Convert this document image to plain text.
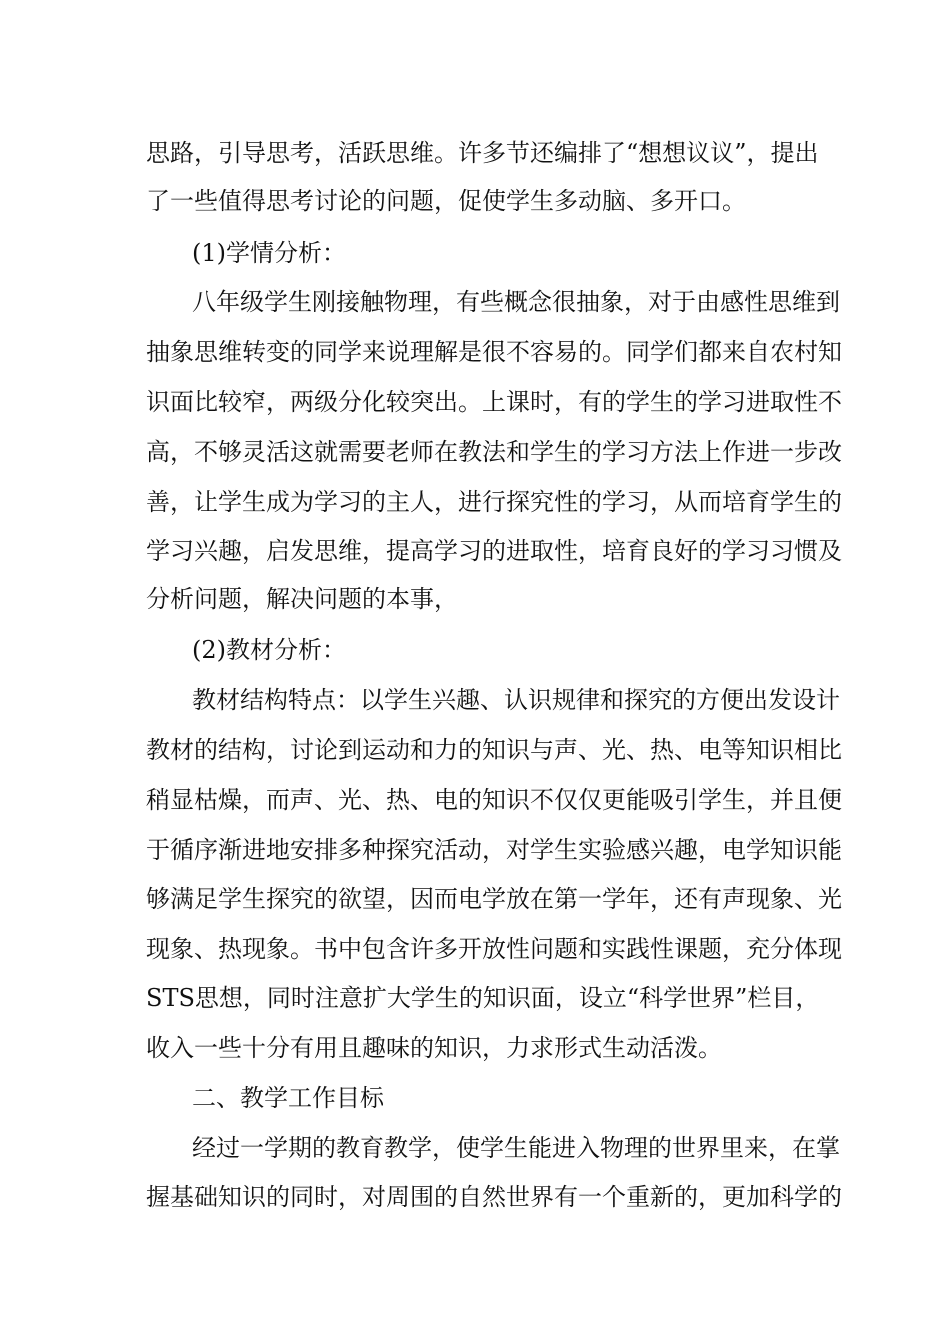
思路，引导思考，活跃思维。许多节还编排了“想想议议”，提出
了一些值得思考讨论的问题，促使学生多动脑、多开口。
(1)学情分析：
八年级学生刚接触物理，有些概念很抽象，对于由感性思维到
抽象思维转变的同学来说理解是很不容易的。同学们都来自农村知
识面比较窄，两级分化较突出。上课时，有的学生的学习进取性不
高，不够灵活这就需要老师在教法和学生的学习方法上作进一步改
善，让学生成为学习的主人，进行探究性的学习，从而培育学生的
学习兴趣，启发思维，提高学习的进取性，培育良好的学习习惯及
分析问题，解决问题的本事，
(2)教材分析：
教材结构特点：以学生兴趣、认识规律和探究的方便出发设计
教材的结构，讨论到运动和力的知识与声、光、热、电等知识相比
稍显枯燥，而声、光、热、电的知识不仅仅更能吸引学生，并且便
于循序渐进地安排多种探究活动，对学生实验感兴趣，电学知识能
够满足学生探究的欲望，因而电学放在第一学年，还有声现象、光
现象、热现象。书中包含许多开放性问题和实践性课题，充分体现
STS思想，同时注意扩大学生的知识面，设立“科学世界”栏目，
收入一些十分有用且趣味的知识，力求形式生动活泼。
二、教学工作目标
经过一学期的教育教学，使学生能进入物理的世界里来，在掌
握基础知识的同时，对周围的自然世界有一个重新的，更加科学的
